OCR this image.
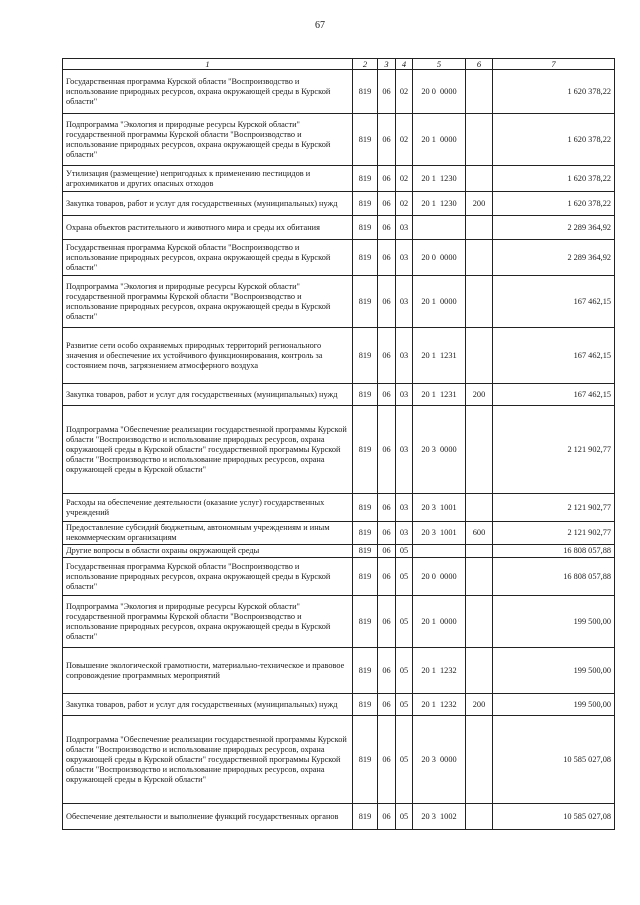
67
1	2	3	4	5	6	7
Государственная программа Курской области "Воспроизводство и использование природных ресурсов, охрана окружающей среды в Курской области"	819	06	02	20 0  0000		1 620 378,22
Подпрограмма "Экология и природные ресурсы Курской области" государственной программы Курской области "Воспроизводство и использование природных ресурсов, охрана окружающей среды в Курской области"	819	06	02	20 1  0000		1 620 378,22
Утилизация (размещение) непригодных к применению пестицидов и агрохимикатов и других опасных отходов	819	06	02	20 1  1230		1 620 378,22
Закупка товаров, работ и услуг для государственных (муниципальных) нужд	819	06	02	20 1  1230	200	1 620 378,22
Охрана объектов растительного и животного мира и среды их обитания	819	06	03			2 289 364,92
Государственная программа Курской области "Воспроизводство и использование природных ресурсов, охрана окружающей среды в Курской области"	819	06	03	20 0  0000		2 289 364,92
Подпрограмма "Экология и природные ресурсы Курской области" государственной программы Курской области "Воспроизводство и использование природных ресурсов, охрана окружающей среды в Курской области"	819	06	03	20 1  0000		167 462,15
Развитие сети особо охраняемых природных территорий регионального значения и обеспечение их устойчивого функционирования, контроль за состоянием почв, загрязнением атмосферного воздуха	819	06	03	20 1  1231		167 462,15
Закупка товаров, работ и услуг для государственных (муниципальных) нужд	819	06	03	20 1  1231	200	167 462,15
Подпрограмма "Обеспечение реализации государственной программы Курской области "Воспроизводство и использование природных ресурсов, охрана окружающей среды в Курской области" государственной программы Курской области "Воспроизводство и использование природных ресурсов, охрана окружающей среды в Курской области"	819	06	03	20 3  0000		2 121 902,77
Расходы на обеспечение деятельности (оказание услуг) государственных учреждений	819	06	03	20 3  1001		2 121 902,77
Предоставление субсидий бюджетным, автономным учреждениям и иным некоммерческим организациям	819	06	03	20 3  1001	600	2 121 902,77
Другие вопросы в области охраны окружающей среды	819	06	05			16 808 057,88
Государственная программа Курской области "Воспроизводство и использование природных ресурсов, охрана окружающей среды в Курской области"	819	06	05	20 0  0000		16 808 057,88
Подпрограмма "Экология и природные ресурсы Курской области" государственной программы Курской области "Воспроизводство и использование природных ресурсов, охрана окружающей среды в Курской области"	819	06	05	20 1  0000		199 500,00
Повышение экологической грамотности, материально-техническое и правовое сопровождение программных мероприятий	819	06	05	20 1  1232		199 500,00
Закупка товаров, работ и услуг для государственных (муниципальных) нужд	819	06	05	20 1  1232	200	199 500,00
Подпрограмма "Обеспечение реализации государственной программы Курской области "Воспроизводство и использование природных ресурсов, охрана окружающей среды в Курской области" государственной программы Курской области "Воспроизводство и использование природных ресурсов, охрана окружающей среды в Курской области"	819	06	05	20 3  0000		10 585 027,08
Обеспечение деятельности и выполнение функций государственных органов	819	06	05	20 3  1002		10 585 027,08
